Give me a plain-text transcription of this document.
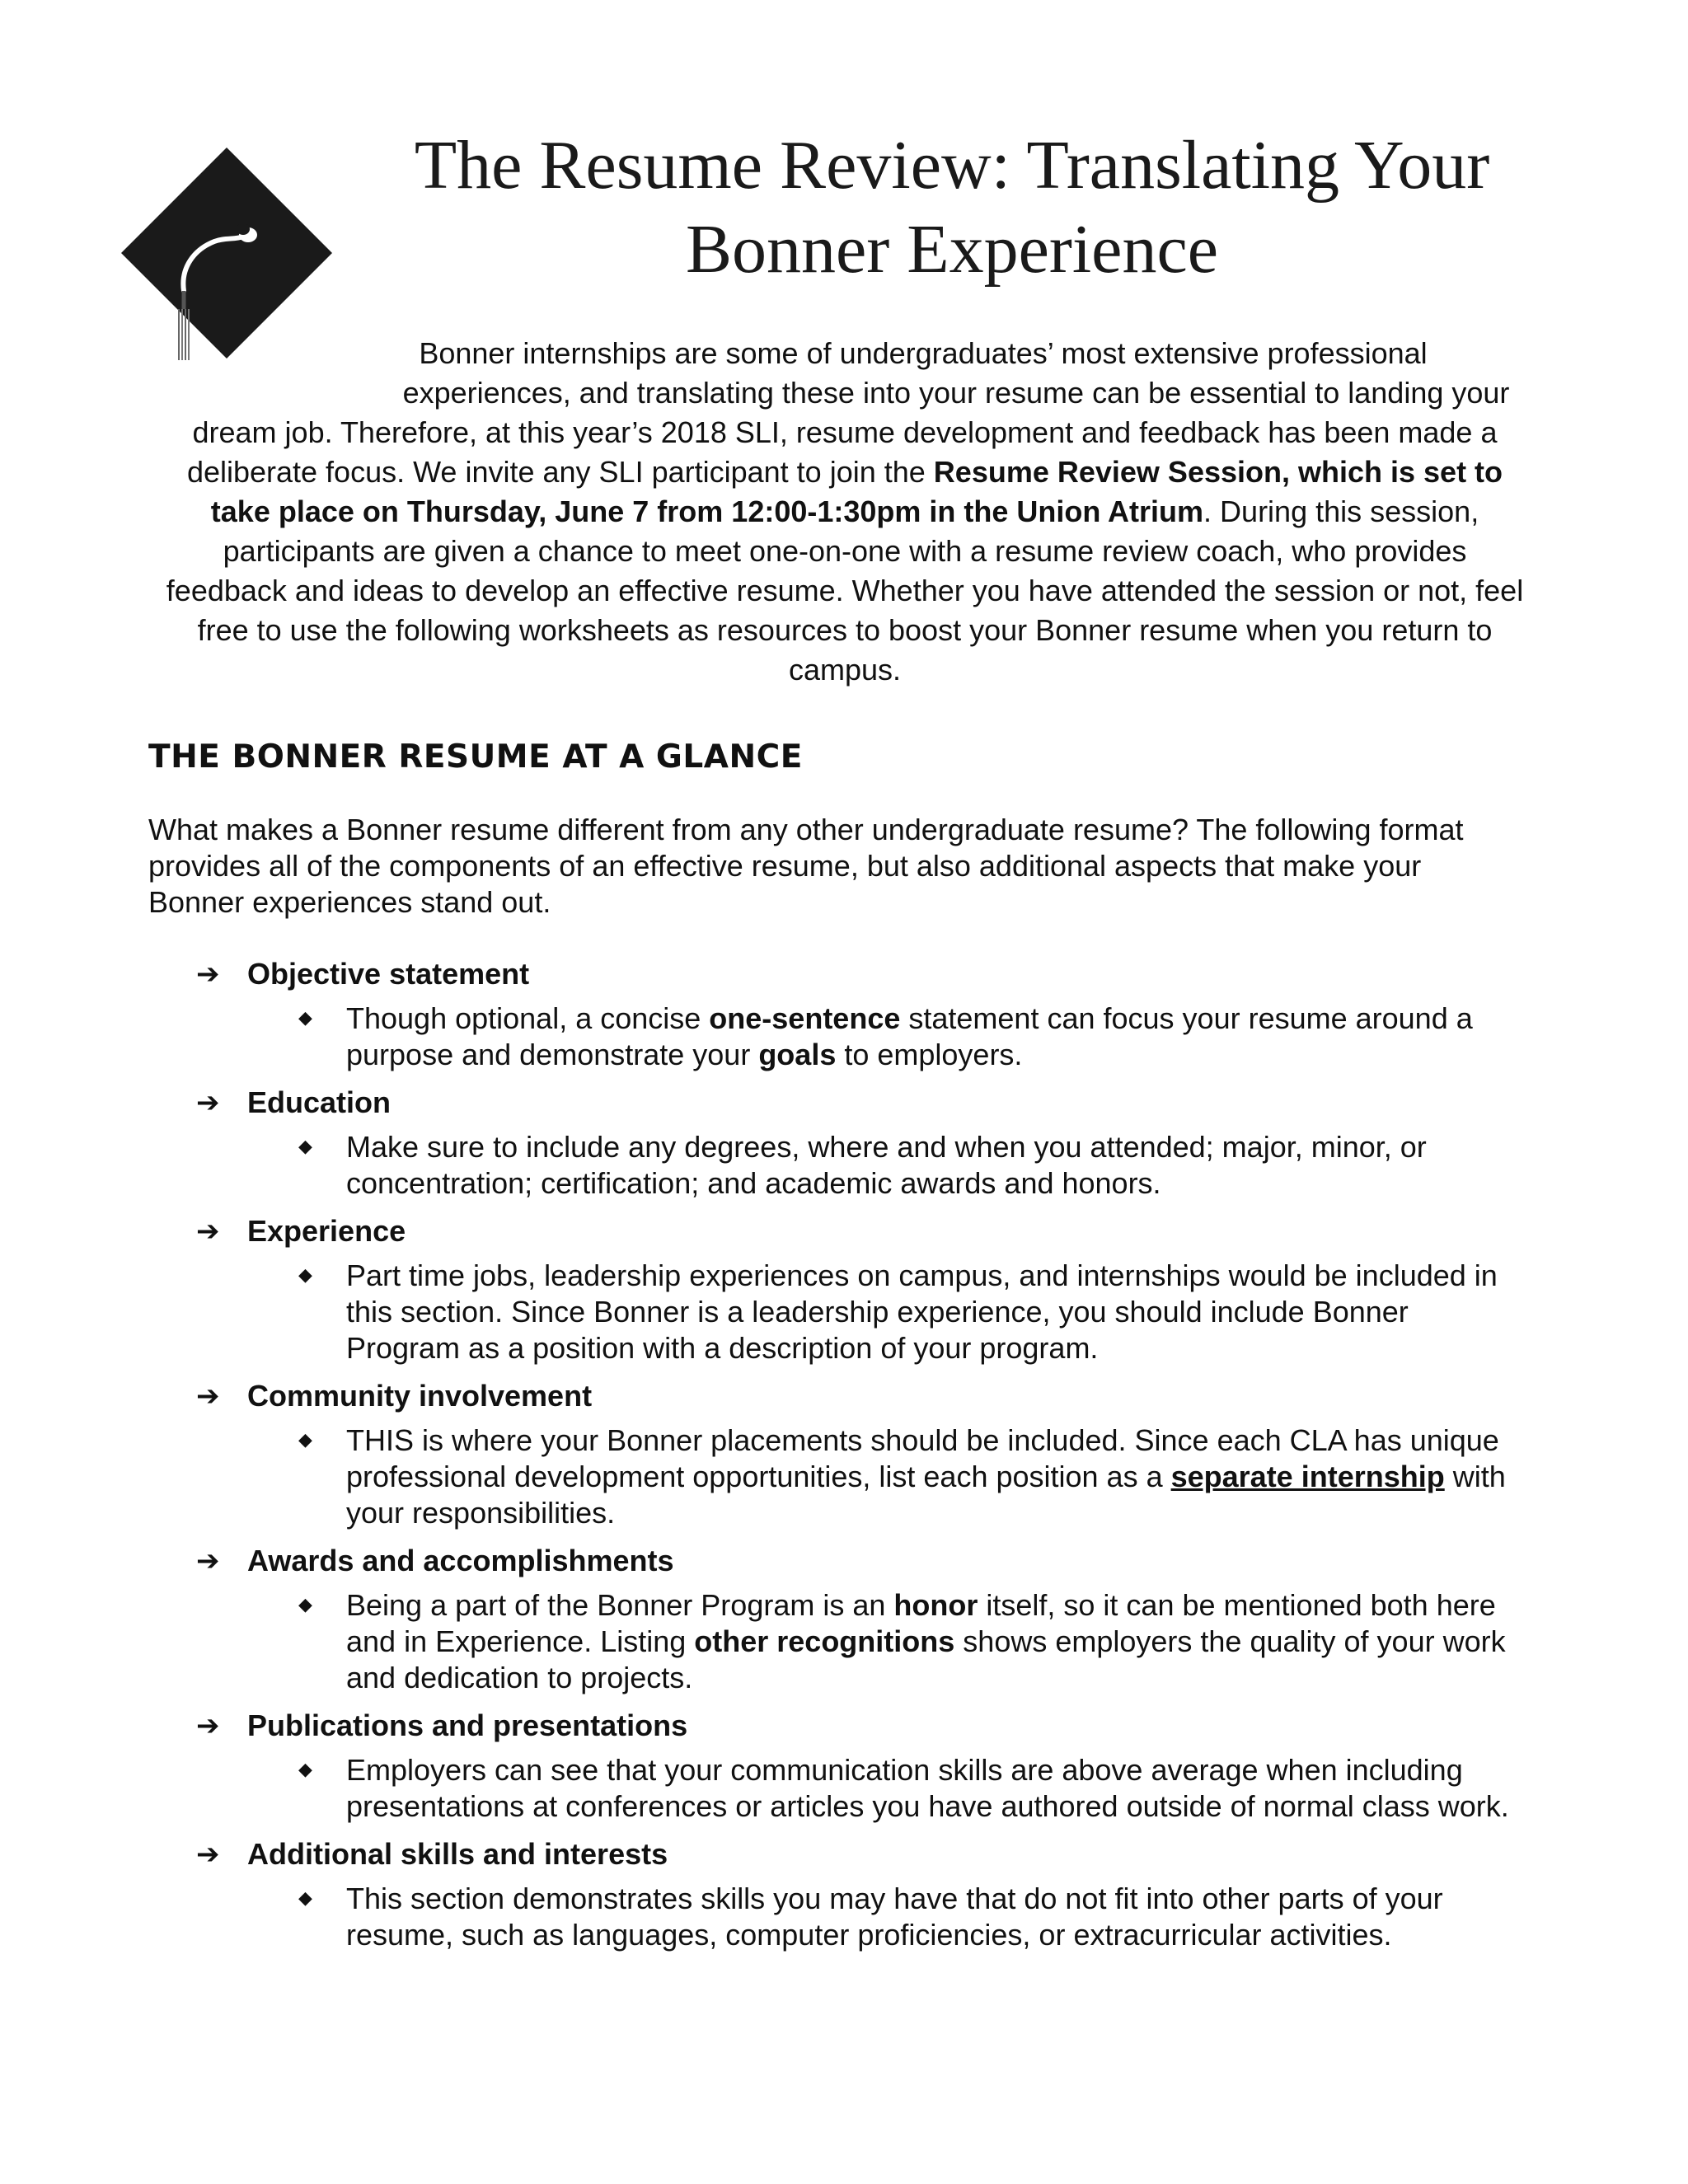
The Resume Review: Translating Your
Bonner Experience

Bonner internships are some of undergraduates’ most extensive professional
experiences, and translating these into your resume can be essential to landing your
dream job. Therefore, at this year’s 2018 SLI, resume development and feedback has been made a
deliberate focus. We invite any SLI participant to join the Resume Review Session, which is set to
take place on Thursday, June 7 from 12:00-1:30pm in the Union Atrium. During this session,
participants are given a chance to meet one-on-one with a resume review coach, who provides
feedback and ideas to develop an effective resume. Whether you have attended the session or not, feel
free to use the following worksheets as resources to boost your Bonner resume when you return to
campus.

THE BONNER RESUME AT A GLANCE

What makes a Bonner resume different from any other undergraduate resume? The following format
provides all of the components of an effective resume, but also additional aspects that make your
Bonner experiences stand out.

➔ Objective statement
◆ Though optional, a concise one-sentence statement can focus your resume around a
purpose and demonstrate your goals to employers.
➔ Education
◆ Make sure to include any degrees, where and when you attended; major, minor, or
concentration; certification; and academic awards and honors.
➔ Experience
◆ Part time jobs, leadership experiences on campus, and internships would be included in
this section. Since Bonner is a leadership experience, you should include Bonner
Program as a position with a description of your program.
➔ Community involvement
◆ THIS is where your Bonner placements should be included. Since each CLA has unique
professional development opportunities, list each position as a separate internship with
your responsibilities.
➔ Awards and accomplishments
◆ Being a part of the Bonner Program is an honor itself, so it can be mentioned both here
and in Experience. Listing other recognitions shows employers the quality of your work
and dedication to projects.
➔ Publications and presentations
◆ Employers can see that your communication skills are above average when including
presentations at conferences or articles you have authored outside of normal class work.
➔ Additional skills and interests
◆ This section demonstrates skills you may have that do not fit into other parts of your
resume, such as languages, computer proficiencies, or extracurricular activities.
